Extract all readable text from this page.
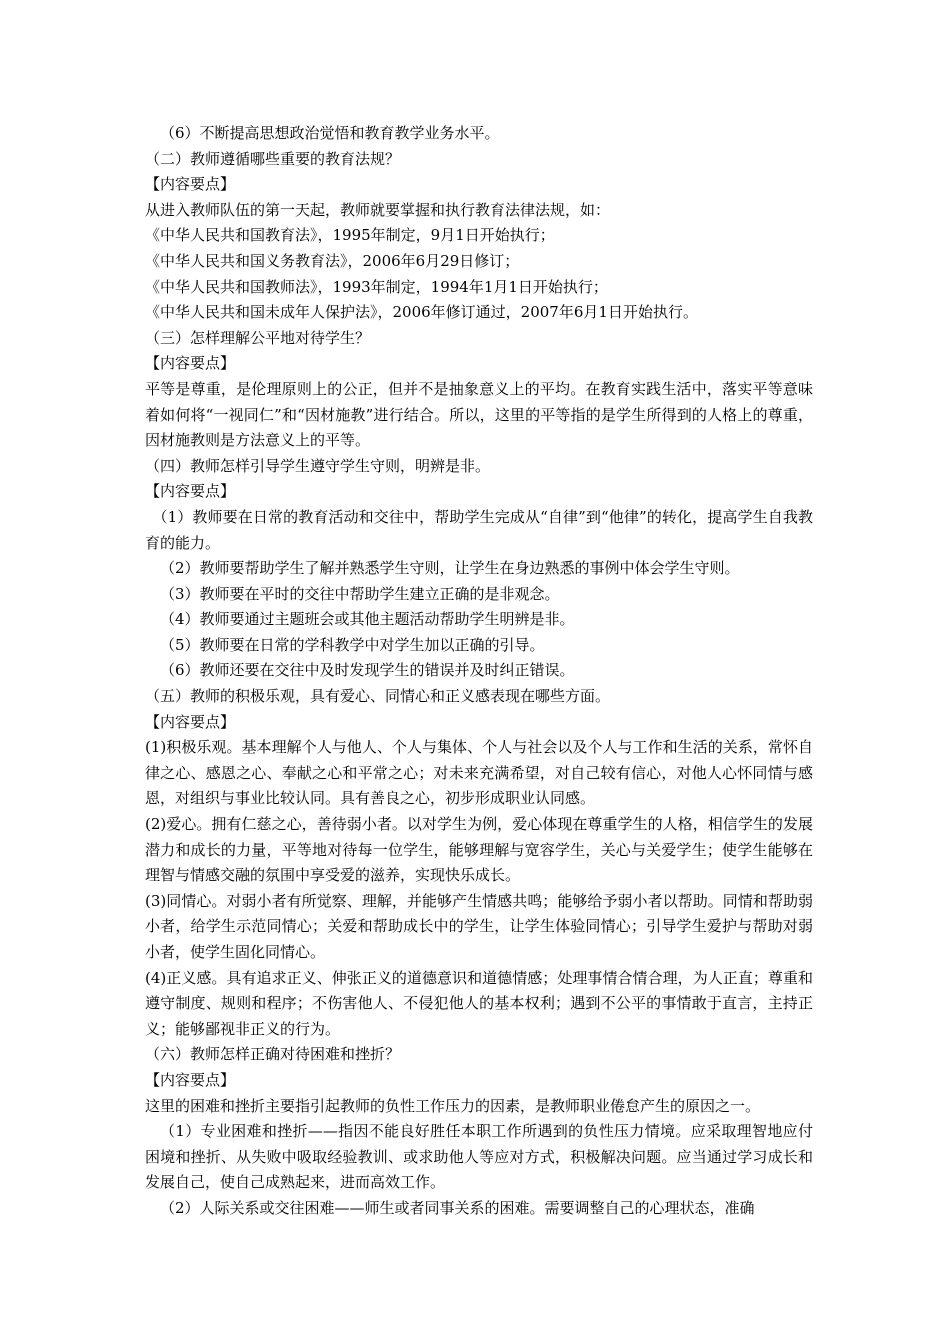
（6）不断提高思想政治觉悟和教育教学业务水平。

（二）教师遵循哪些重要的教育法规？

【内容要点】

从进入教师队伍的第一天起，教师就要掌握和执行教育法律法规，如：

《中华人民共和国教育法》，1995年制定，9月1日开始执行；

《中华人民共和国义务教育法》，2006年6月29日修订；

《中华人民共和国教师法》，1993年制定，1994年1月1日开始执行；

《中华人民共和国未成年人保护法》，2006年修订通过，2007年6月1日开始执行。

（三）怎样理解公平地对待学生？

【内容要点】

平等是尊重，是伦理原则上的公正，但并不是抽象意义上的平均。在教育实践生活中，落实平等意味着如何将“一视同仁”和“因材施教”进行结合。所以，这里的平等指的是学生所得到的人格上的尊重，因材施教则是方法意义上的平等。

（四）教师怎样引导学生遵守学生守则，明辨是非。

【内容要点】

（1）教师要在日常的教育活动和交往中，帮助学生完成从“自律”到“他律”的转化，提高学生自我教育的能力。

（2）教师要帮助学生了解并熟悉学生守则，让学生在身边熟悉的事例中体会学生守则。

（3）教师要在平时的交往中帮助学生建立正确的是非观念。

（4）教师要通过主题班会或其他主题活动帮助学生明辨是非。

（5）教师要在日常的学科教学中对学生加以正确的引导。

（6）教师还要在交往中及时发现学生的错误并及时纠正错误。

（五）教师的积极乐观，具有爱心、同情心和正义感表现在哪些方面。

【内容要点】

(1)积极乐观。基本理解个人与他人、个人与集体、个人与社会以及个人与工作和生活的关系，常怀自律之心、感恩之心、奉献之心和平常之心；对未来充满希望，对自己较有信心，对他人心怀同情与感恩，对组织与事业比较认同。具有善良之心，初步形成职业认同感。

(2)爱心。拥有仁慈之心，善待弱小者。以对学生为例，爱心体现在尊重学生的人格，相信学生的发展潜力和成长的力量，平等地对待每一位学生，能够理解与宽容学生，关心与关爱学生；使学生能够在理智与情感交融的氛围中享受爱的滋养，实现快乐成长。

(3)同情心。对弱小者有所觉察、理解，并能够产生情感共鸣；能够给予弱小者以帮助。同情和帮助弱小者，给学生示范同情心；关爱和帮助成长中的学生，让学生体验同情心；引导学生爱护与帮助对弱小者，使学生固化同情心。

(4)正义感。具有追求正义、伸张正义的道德意识和道德情感；处理事情合情合理，为人正直；尊重和遵守制度、规则和程序；不伤害他人、不侵犯他人的基本权利；遇到不公平的事情敢于直言，主持正义；能够鄙视非正义的行为。

（六）教师怎样正确对待困难和挫折？

【内容要点】

这里的困难和挫折主要指引起教师的负性工作压力的因素，是教师职业倦怠产生的原因之一。

（1）专业困难和挫折——指因不能良好胜任本职工作所遇到的负性压力情境。应采取理智地应付困境和挫折、从失败中吸取经验教训、或求助他人等应对方式，积极解决问题。应当通过学习成长和发展自己，使自己成熟起来，进而高效工作。

（2）人际关系或交往困难——师生或者同事关系的困难。需要调整自己的心理状态，准确
